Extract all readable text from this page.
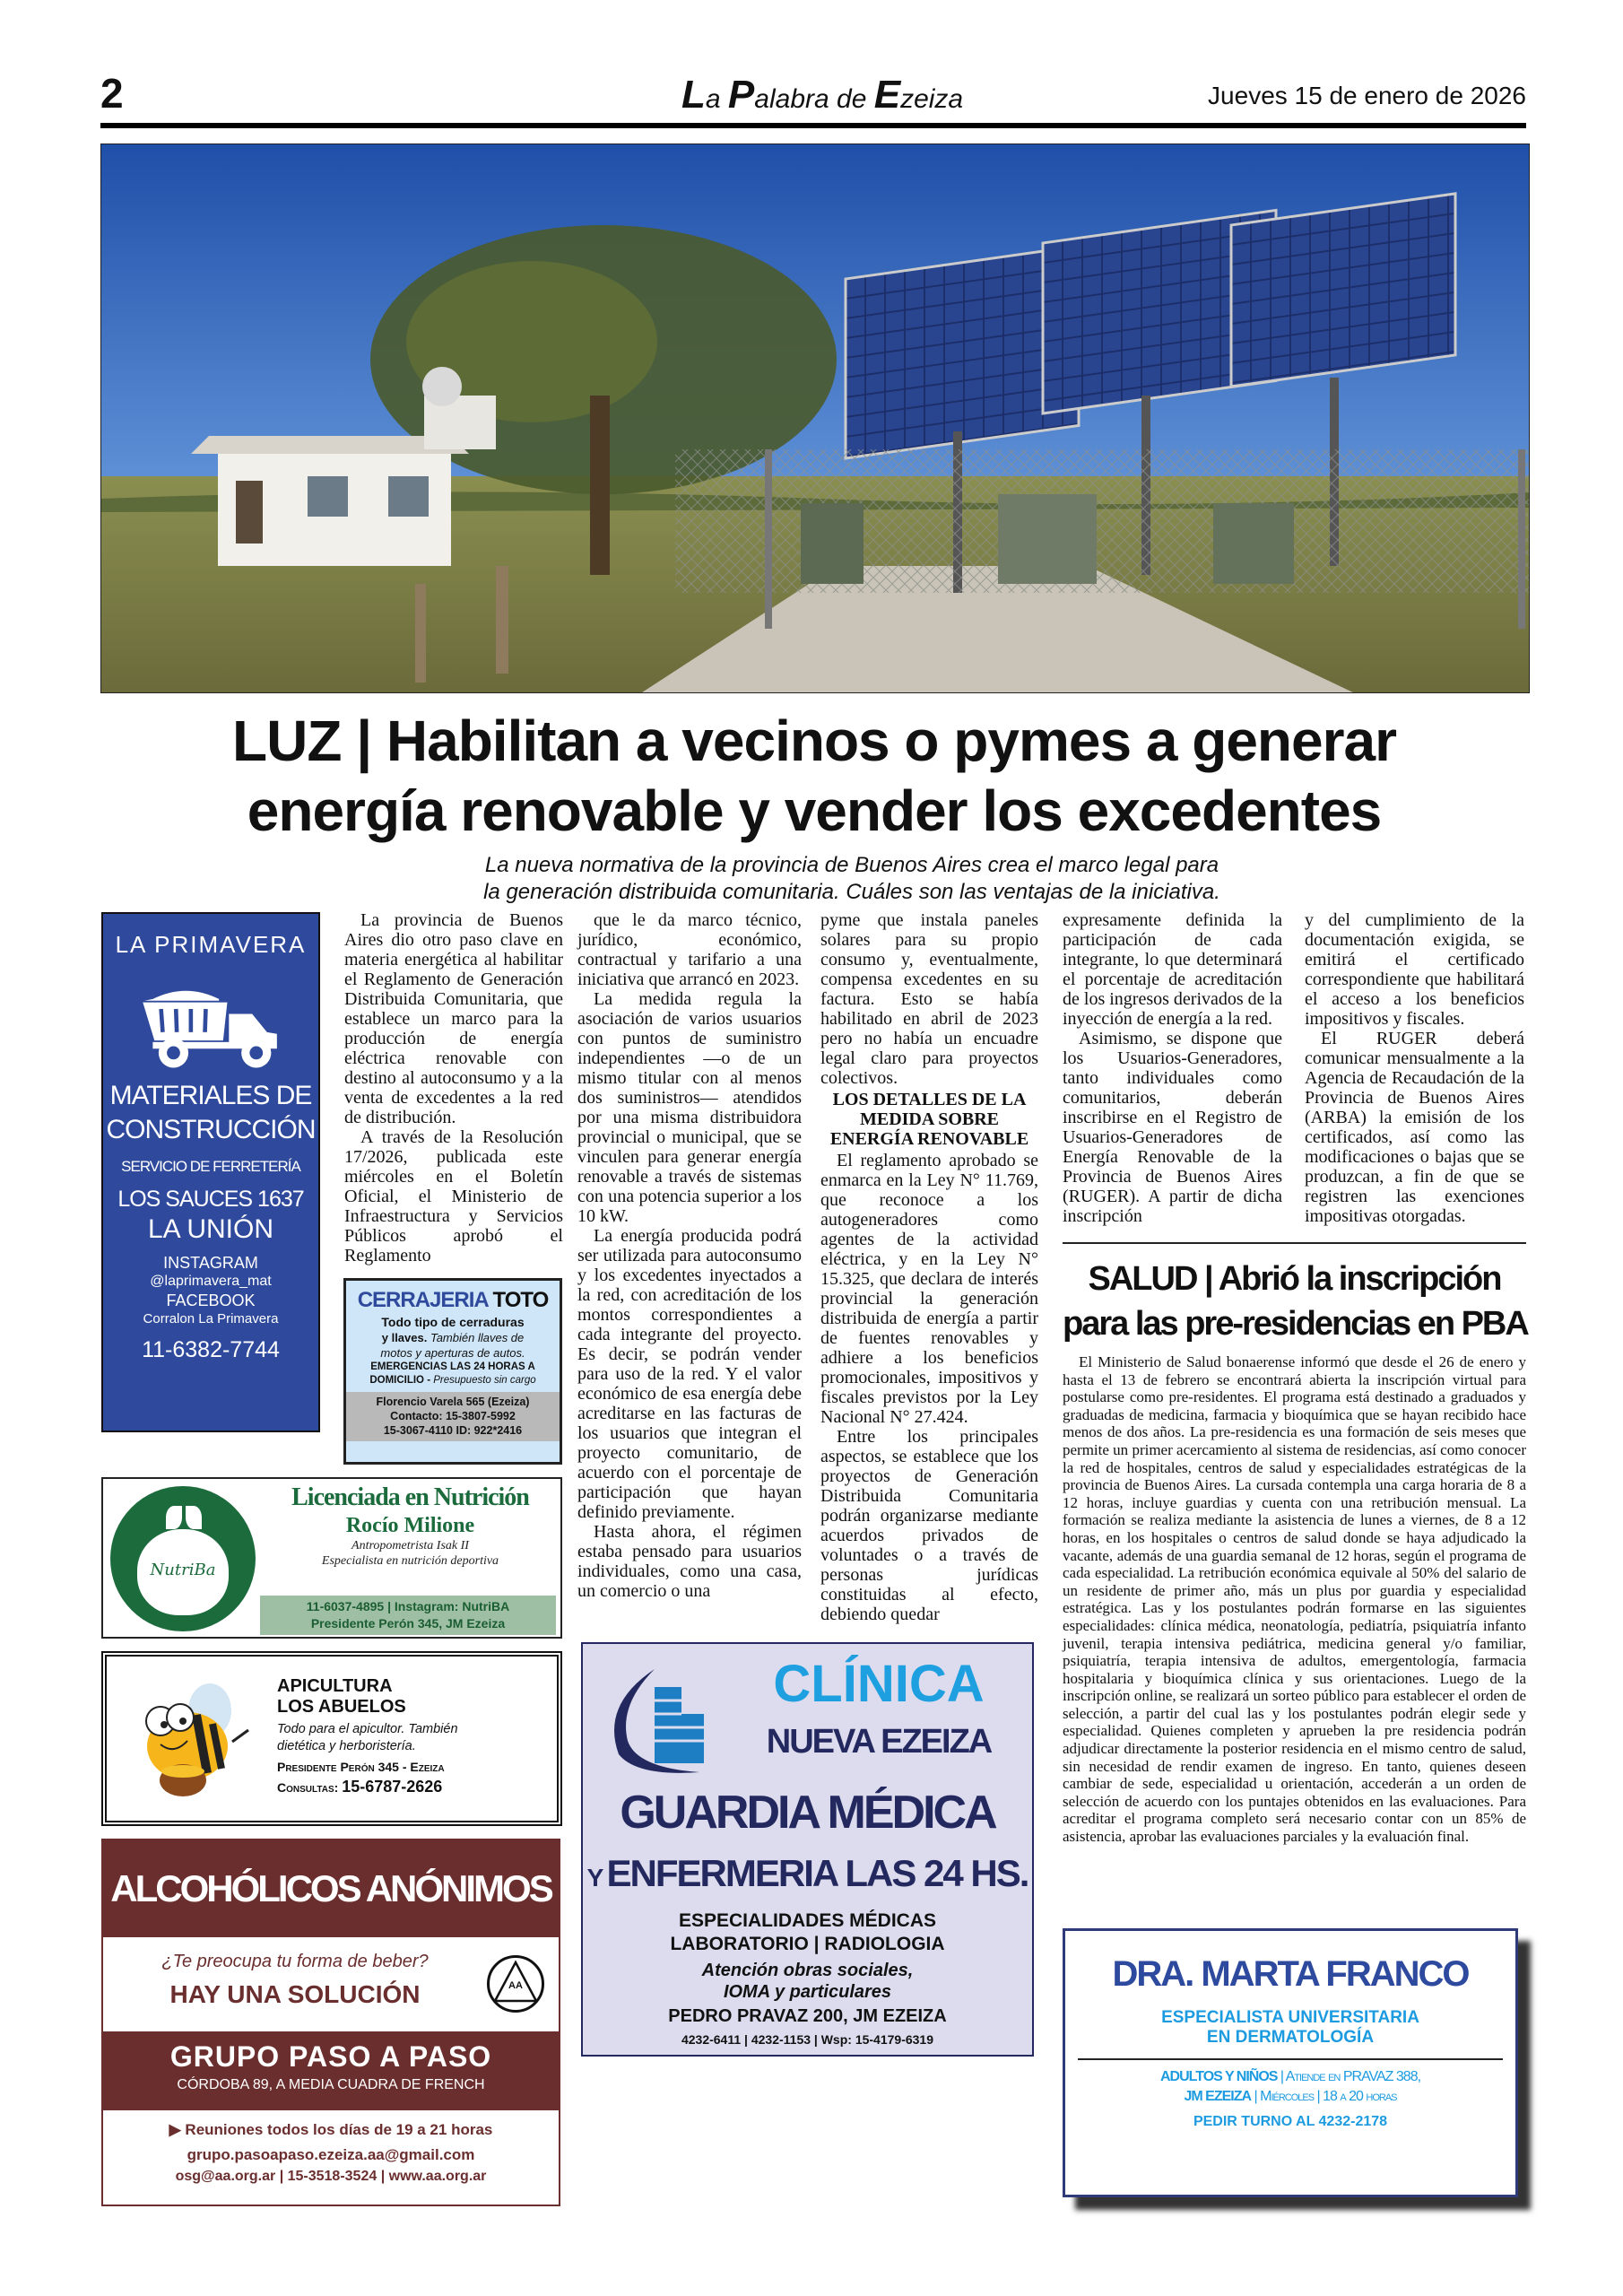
2	La Palabra de Ezeiza	Jueves 15 de enero de 2026
LUZ | Habilitan a vecinos o pymes a generar
energía renovable y vender los excedentes
La nueva normativa de la provincia de Buenos Aires crea el marco legal para
la generación distribuida comunitaria. Cuáles son las ventajas de la iniciativa.

La provincia de Buenos Aires dio otro paso clave en materia energética al habilitar el Reglamento de Generación Distribuida Comunitaria, que establece un marco para la producción de energía eléctrica renovable con destino al autoconsumo y a la venta de excedentes a la red de distribución.

A través de la Resolución 17/2026, publicada este miércoles en el Boletín Oficial, el Ministerio de Infraestructura y Servicios Públicos aprobó el Reglamento

que le da marco técnico, jurídico, económico, contractual y tarifario a una iniciativa que arrancó en 2023.

La medida regula la asociación de varios usuarios con puntos de suministro independientes —o de un mismo titular con al menos dos suministros— atendidos por una misma distribuidora provincial o municipal, que se vinculen para generar energía renovable a través de sistemas con una potencia superior a los 10 kW.

La energía producida podrá ser utilizada para autoconsumo y los excedentes inyectados a la red, con acreditación de los montos correspondientes a cada integrante del proyecto. Es decir, se podrán vender para uso de la red. Y el valor económico de esa energía debe acreditarse en las facturas de los usuarios que integran el proyecto comunitario, de acuerdo con el porcentaje de participación que hayan definido previamente.

Hasta ahora, el régimen estaba pensado para usuarios individuales, como una casa, un comercio o una

pyme que instala paneles solares para su propio consumo y, eventualmente, compensa excedentes en su factura. Esto se había habilitado en abril de 2023 pero no había un encuadre legal claro para proyectos colectivos.
LOS DETALLES DE LA MEDIDA SOBRE ENERGÍA RENOVABLE

El reglamento aprobado se enmarca en la Ley N° 11.769, que reconoce a los autogeneradores como agentes de la actividad eléctrica, y en la Ley N° 15.325, que declara de interés provincial la generación distribuida de energía a partir de fuentes renovables y adhiere a los beneficios promocionales, impositivos y fiscales previstos por la Ley Nacional N° 27.424.

Entre los principales aspectos, se establece que los proyectos de Generación Distribuida Comunitaria podrán organizarse mediante acuerdos privados de voluntades o a través de personas jurídicas constituidas al efecto, debiendo quedar

expresamente definida la participación de cada integrante, lo que determinará el porcentaje de acreditación de los ingresos derivados de la inyección de energía a la red.

Asimismo, se dispone que los Usuarios-Generadores, tanto individuales como comunitarios, deberán inscribirse en el Registro de Usuarios-Generadores de Energía Renovable de la Provincia de Buenos Aires (RUGER). A partir de dicha inscripción

y del cumplimiento de la documentación exigida, se emitirá el certificado correspondiente que habilitará el acceso a los beneficios impositivos y fiscales.

El RUGER deberá comunicar mensualmente a la Agencia de Recaudación de la Provincia de Buenos Aires (ARBA) la emisión de los certificados, así como las modificaciones o bajas que se produzcan, a fin de que se registren las exenciones impositivas otorgadas.

SALUD | Abrió la inscripción
para las pre-residencias en PBA

El Ministerio de Salud bonaerense informó que desde el 26 de enero y hasta el 13 de febrero se encontrará abierta la inscripción virtual para postularse como pre-residentes. El programa está destinado a graduados y graduadas de medicina, farmacia y bioquímica que se hayan recibido hace menos de dos años. La pre-residencia es una formación de seis meses que permite un primer acercamiento al sistema de residencias, así como conocer la red de hospitales, centros de salud y especialidades estratégicas de la provincia de Buenos Aires. La cursada contempla una carga horaria de 8 a 12 horas, incluye guardias y cuenta con una retribución mensual. La formación se realiza mediante la asistencia de lunes a viernes, de 8 a 12 horas, en los hospitales o centros de salud donde se haya adjudicado la vacante, además de una guardia semanal de 12 horas, según el programa de cada especialidad. La retribución económica equivale al 50% del salario de un residente de primer año, más un plus por guardia y especialidad estratégica. Las y los postulantes podrán formarse en las siguientes especialidades: clínica médica, neonatología, pediatría, psiquiatría infanto juvenil, terapia intensiva pediátrica, medicina general y/o familiar, psiquiatría, terapia intensiva de adultos, emergentología, farmacia hospitalaria y bioquímica clínica y sus orientaciones. Luego de la inscripción online, se realizará un sorteo público para establecer el orden de selección, a partir del cual las y los postulantes podrán elegir sede y especialidad. Quienes completen y aprueben la pre residencia podrán adjudicar directamente la posterior residencia en el mismo centro de salud, sin necesidad de rendir examen de ingreso. En tanto, quienes deseen cambiar de sede, especialidad u orientación, accederán a un orden de selección de acuerdo con los puntajes obtenidos en las evaluaciones. Para acreditar el programa completo será necesario contar con un 85% de asistencia, aprobar las evaluaciones parciales y la evaluación final.

LA PRIMAVERA
MATERIALES DE
CONSTRUCCIÓN
SERVICIO DE FERRETERÍA
LOS SAUCES 1637
LA UNIÓN
INSTAGRAM
@laprimavera_mat
FACEBOOK
Corralon La Primavera
11-6382-7744
CERRAJERIA TOTO
Todo tipo de cerraduras
y llaves. También llaves de
motos y aperturas de autos.
EMERGENCIAS LAS 24 HORAS A
DOMICILIO - Presupuesto sin cargo
Florencio Varela 565 (Ezeiza)
Contacto: 15-3807-5992
15-3067-4110 ID: 922*2416
NutriBa
Licenciada en Nutrición
Rocío Milione
Antropometrista Isak II
Especialista en nutrición deportiva
11-6037-4895 | Instagram: NutriBA
Presidente Perón 345, JM Ezeiza
APICULTURA
LOS ABUELOS
Todo para el apicultor. También
dietética y herboristería.
Presidente Perón 345 - Ezeiza
Consultas: 15-6787-2626
ALCOHÓLICOS ANÓNIMOS
¿Te preocupa tu forma de beber?
HAY UNA SOLUCIÓN	AA
GRUPO PASO A PASO
CÓRDOBA 89, A MEDIA CUADRA DE FRENCH
▶ Reuniones todos los días de 19 a 21 horas
grupo.pasoapaso.ezeiza.aa@gmail.com
osg@aa.org.ar | 15-3518-3524 | www.aa.org.ar
CLÍNICA
NUEVA EZEIZA
GUARDIA MÉDICA
Y ENFERMERIA LAS 24 HS.
ESPECIALIDADES MÉDICAS
LABORATORIO | RADIOLOGIA
Atención obras sociales,
IOMA y particulares
PEDRO PRAVAZ 200, JM EZEIZA
4232-6411 | 4232-1153 | Wsp: 15-4179-6319
DRA. MARTA FRANCO
ESPECIALISTA UNIVERSITARIA
EN DERMATOLOGÍA
ADULTOS Y NIÑOS | Atiende en PRAVAZ 388,
JM EZEIZA | Miércoles | 18 a 20 horas
PEDIR TURNO AL 4232-2178
